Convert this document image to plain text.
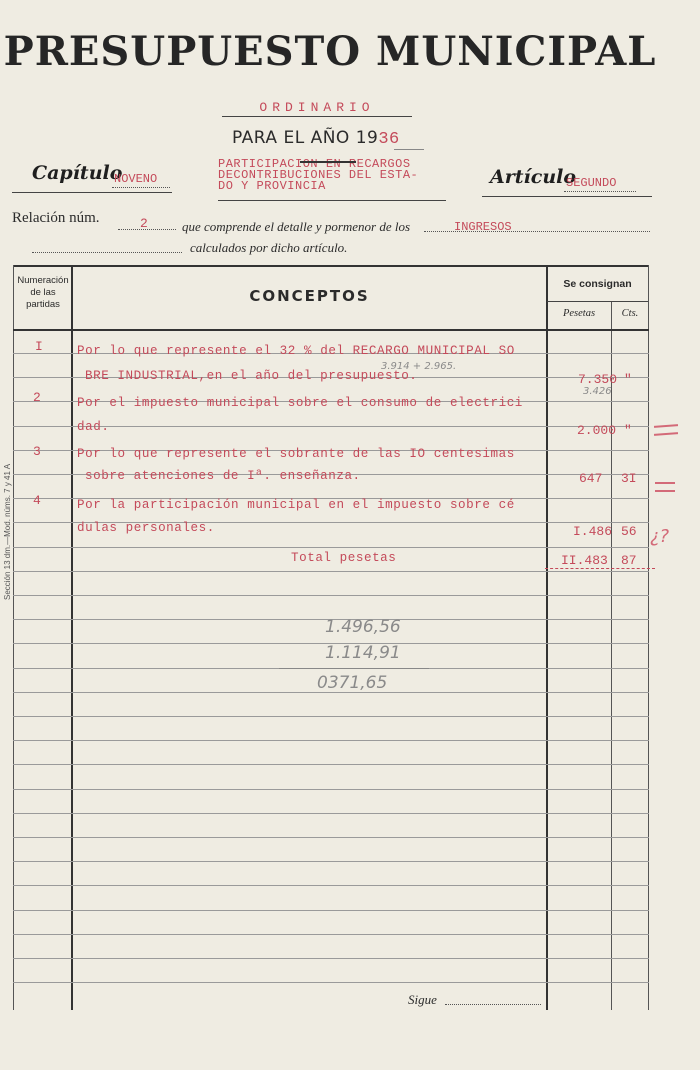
PRESUPUESTO MUNICIPAL
ORDINARIO
PARA EL AÑO 1936
Capítulo
NOVENO
PARTICIPACION EN RECARGOS
DECONTRIBUCIONES DEL ESTA-
DO Y PROVINCIA	Artículo
SEGUNDO
Relación núm.	2	que comprende el detalle y pormenor de los	INGRESOS
calculados por dicho artículo.
Numeración
de las
partidas	CONCEPTOS
Se consignan
Pesetas	Cts.
I	Por lo que represente el 32 % del RECARGO MUNICIPAL SO
BRE INDUSTRIAL,en el año del presupuesto.	7.350 "
2	Por el impuesto municipal sobre el consumo de electrici
dad.	2.000 "
3	Por lo que represente el sobrante de las IO centesimas
sobre atenciones de Iª. enseñanza.	647 3I
4	Por la participación municipal en el impuesto sobre cé
dulas personales.	I.486 56
Total pesetas	II.483 87
3.914 + 2.965.
3.426
1.496,56
1.114,91
0371,65
¿?
Sigue
Sección 13 dm.—Mod. núms. 7 y 41 A
